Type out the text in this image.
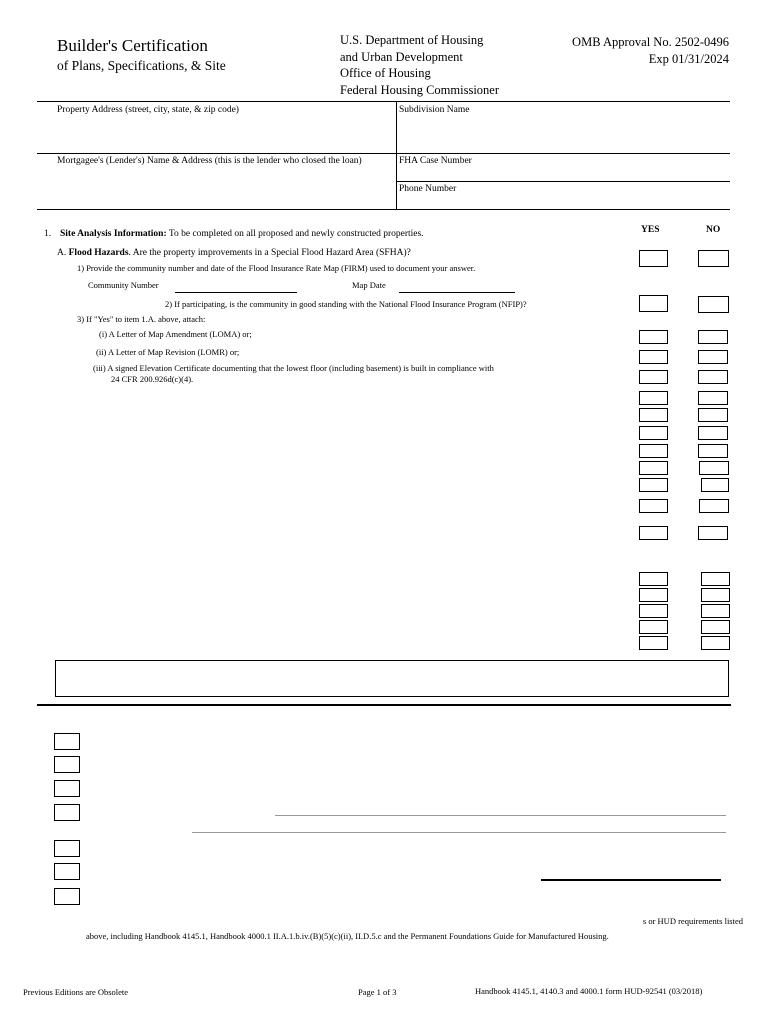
Builder's Certification
of Plans, Specifications, & Site
U.S. Department of Housing
and Urban Development
Office of Housing
Federal Housing Commissioner
OMB Approval No. 2502-0496
Exp 01/31/2024
Property Address (street, city, state, & zip code)	Subdivision Name
Mortgagee's (Lender's) Name & Address (this is the lender who closed the loan)	FHA Case Number
Phone Number
1. Site Analysis Information: To be completed on all proposed and newly constructed properties.	YES	NO
A. Flood Hazards. Are the property improvements in a Special Flood Hazard Area (SFHA)?
1) Provide the community number and date of the Flood Insurance Rate Map (FIRM) used to document your answer.
Community Number	Map Date
2) If participating, is the community in good standing with the National Flood Insurance Program (NFIP)?
3) If "Yes" to item 1.A. above, attach:
(i) A Letter of Map Amendment (LOMA) or;
(ii) A Letter of Map Revision (LOMR) or;
(iii) A signed Elevation Certificate documenting that the lowest floor (including basement) is built in compliance with
24 CFR 200.926d(c)(4).
s or HUD requirements listed
above, including Handbook 4145.1, Handbook 4000.1 II.A.1.b.iv.(B)(5)(c)(ii), II.D.5.c and the Permanent Foundations Guide for Manufactured Housing.
Previous Editions are Obsolete	Page 1 of 3	Handbook 4145.1, 4140.3 and 4000.1 form HUD-92541 (03/2018)
